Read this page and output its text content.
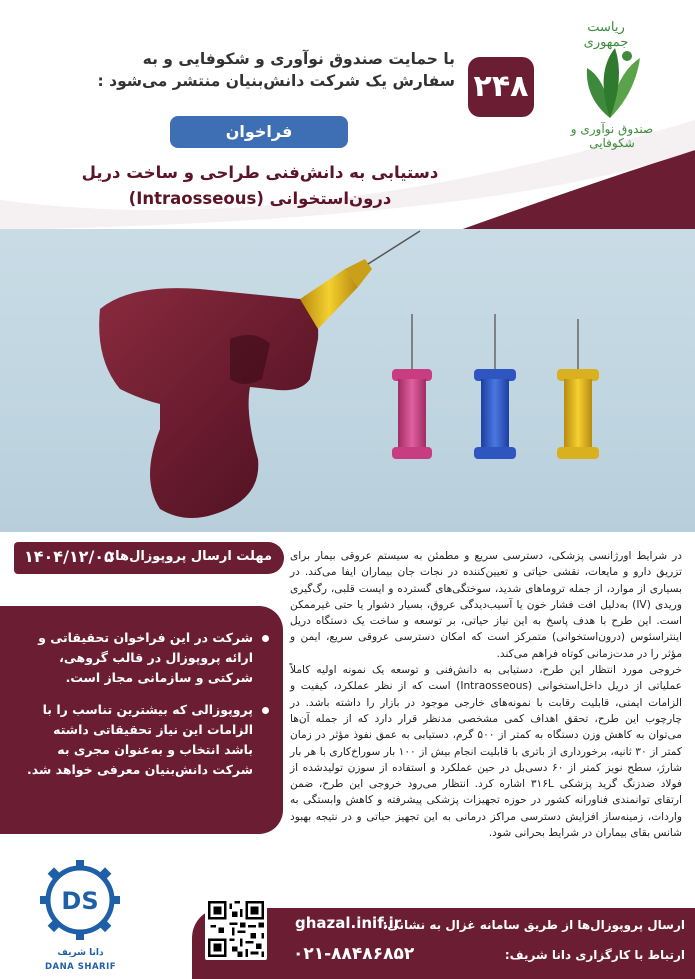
ریاست جمهوری
صندوق نوآوری و شکوفایی
۲۴۸
با حمایت صندوق نوآوری و شکوفایی و به
سفارش یک شرکت دانش‌بنیان منتشر می‌شود :
فراخوان
دستیابی به دانش‌فنی طراحی و ساخت دریل
درون‌استخوانی (Intraosseous)
مهلت ارسال پروپوزال‌ها:
۱۴۰۴/۱۲/۰۵	در شرایط اورژانسی پزشکی، دسترسی سریع و مطمئن به سیستم عروقی بیمار برای تزریق دارو و مایعات، نقشی حیاتی و تعیین‌کننده در نجات جان بیماران ایفا می‌کند. در بسیاری از موارد، از جمله تروماهای شدید، سوختگی‌های گسترده و ایست قلبی، رگ‌گیری وریدی (IV) به‌دلیل افت فشار خون یا آسیب‌دیدگی عروق، بسیار دشوار یا حتی غیرممکن است. این طرح با هدف پاسخ به این نیاز حیاتی، بر توسعه و ساخت یک دستگاه دریل اینتراسئوس (درون‌استخوانی) متمرکز است که امکان دسترسی عروقی سریع، ایمن و مؤثر را در مدت‌زمانی کوتاه فراهم می‌کند.

خروجی مورد انتظار این طرح، دستیابی به دانش‌فنی و توسعه یک نمونه اولیه کاملاً عملیاتی از دریل داخل‌استخوانی (Intraosseous) است که از نظر عملکرد، کیفیت و الزامات ایمنی، قابلیت رقابت با نمونه‌های خارجی موجود در بازار را داشته باشد. در چارچوب این طرح، تحقق اهداف کمی مشخصی مدنظر قرار دارد که از جمله آن‌ها می‌توان به کاهش وزن دستگاه به کمتر از ۵۰۰ گرم، دستیابی به عمق نفوذ مؤثر در زمان کمتر از ۳۰ ثانیه، برخورداری از باتری با قابلیت انجام بیش از ۱۰۰ بار سوراخ‌کاری با هر بار شارژ، سطح نویز کمتر از ۶۰ دسی‌بل در حین عملکرد و استفاده از سوزن تولیدشده از فولاد ضدزنگ گرید پزشکی ۳۱۶L اشاره کرد. انتظار می‌رود خروجی این طرح، ضمن ارتقای توانمندی فناورانه کشور در حوزه تجهیزات پزشکی پیشرفته و کاهش وابستگی به واردات، زمینه‌ساز افزایش دسترسی مراکز درمانی به این تجهیز حیاتی و در نتیجه بهبود شانس بقای بیماران در شرایط بحرانی شود.

شرکت در این فراخوان تحقیقاتی و ارائه پروپوزال در قالب گروهی، شرکتی و سازمانی مجاز است.
پروپوزالی که بیشترین تناسب را با الزامات این نیاز تحقیقاتی داشته باشد انتخاب و به‌عنوان مجری به شرکت دانش‌بنیان معرفی خواهد شد.
DS
دانا شریف
DANA SHARIF
ارسال پروپوزال‌ها از طریق سامانه غزال به نشانی:
ghazal.inif.ir
ارتباط با کارگزاری دانا شریف:
۰۲۱-۸۸۴۸۶۸۵۲
